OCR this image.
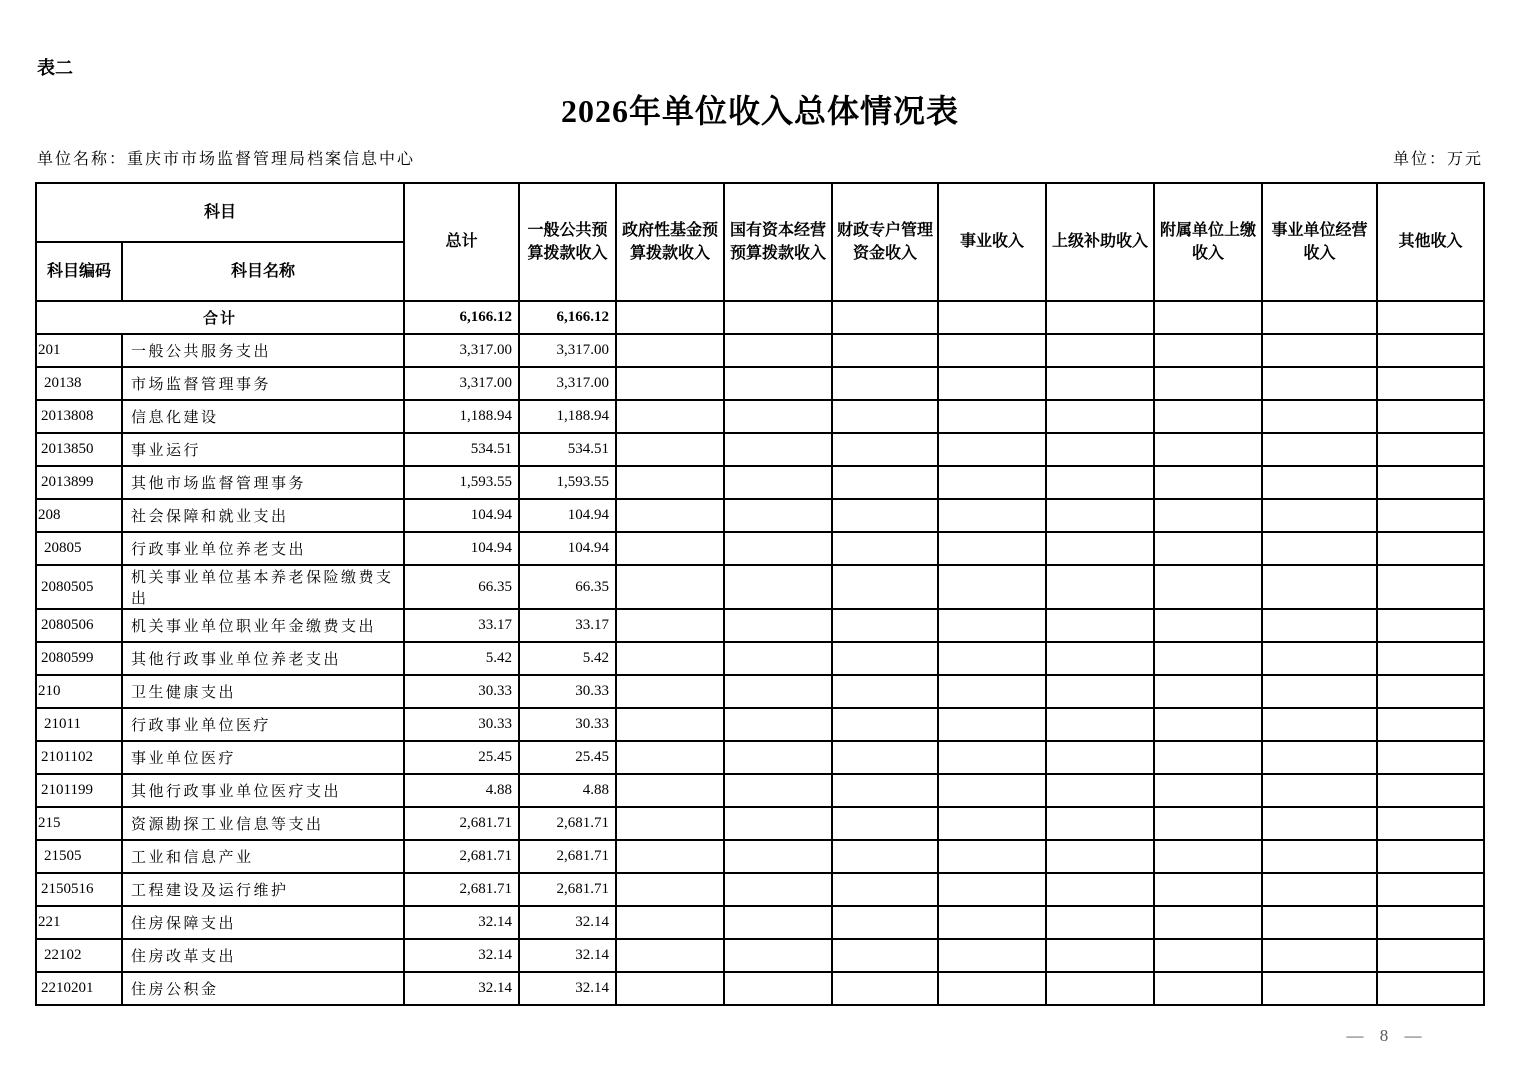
表二
2026年单位收入总体情况表
单位名称：重庆市市场监督管理局档案信息中心	单位：万元
科目		总计	一般公共预算拨款收入	政府性基金预算拨款收入	国有资本经营预算拨款收入	财政专户管理资金收入	事业收入	上级补助收入	附属单位上缴收入	事业单位经营收入	其他收入
科目编码	科目名称										
合计		6,166.12	6,166.12								
201	一般公共服务支出	3,317.00	3,317.00								
20138	市场监督管理事务	3,317.00	3,317.00								
2013808	信息化建设	1,188.94	1,188.94								
2013850	事业运行	534.51	534.51								
2013899	其他市场监督管理事务	1,593.55	1,593.55								
208	社会保障和就业支出	104.94	104.94								
20805	行政事业单位养老支出	104.94	104.94								
2080505	机关事业单位基本养老保险缴费支出	66.35	66.35								
2080506	机关事业单位职业年金缴费支出	33.17	33.17								
2080599	其他行政事业单位养老支出	5.42	5.42								
210	卫生健康支出	30.33	30.33								
21011	行政事业单位医疗	30.33	30.33								
2101102	事业单位医疗	25.45	25.45								
2101199	其他行政事业单位医疗支出	4.88	4.88								
215	资源勘探工业信息等支出	2,681.71	2,681.71								
21505	工业和信息产业	2,681.71	2,681.71								
2150516	工程建设及运行维护	2,681.71	2,681.71								
221	住房保障支出	32.14	32.14								
22102	住房改革支出	32.14	32.14								
2210201	住房公积金	32.14	32.14								
— 8 —
